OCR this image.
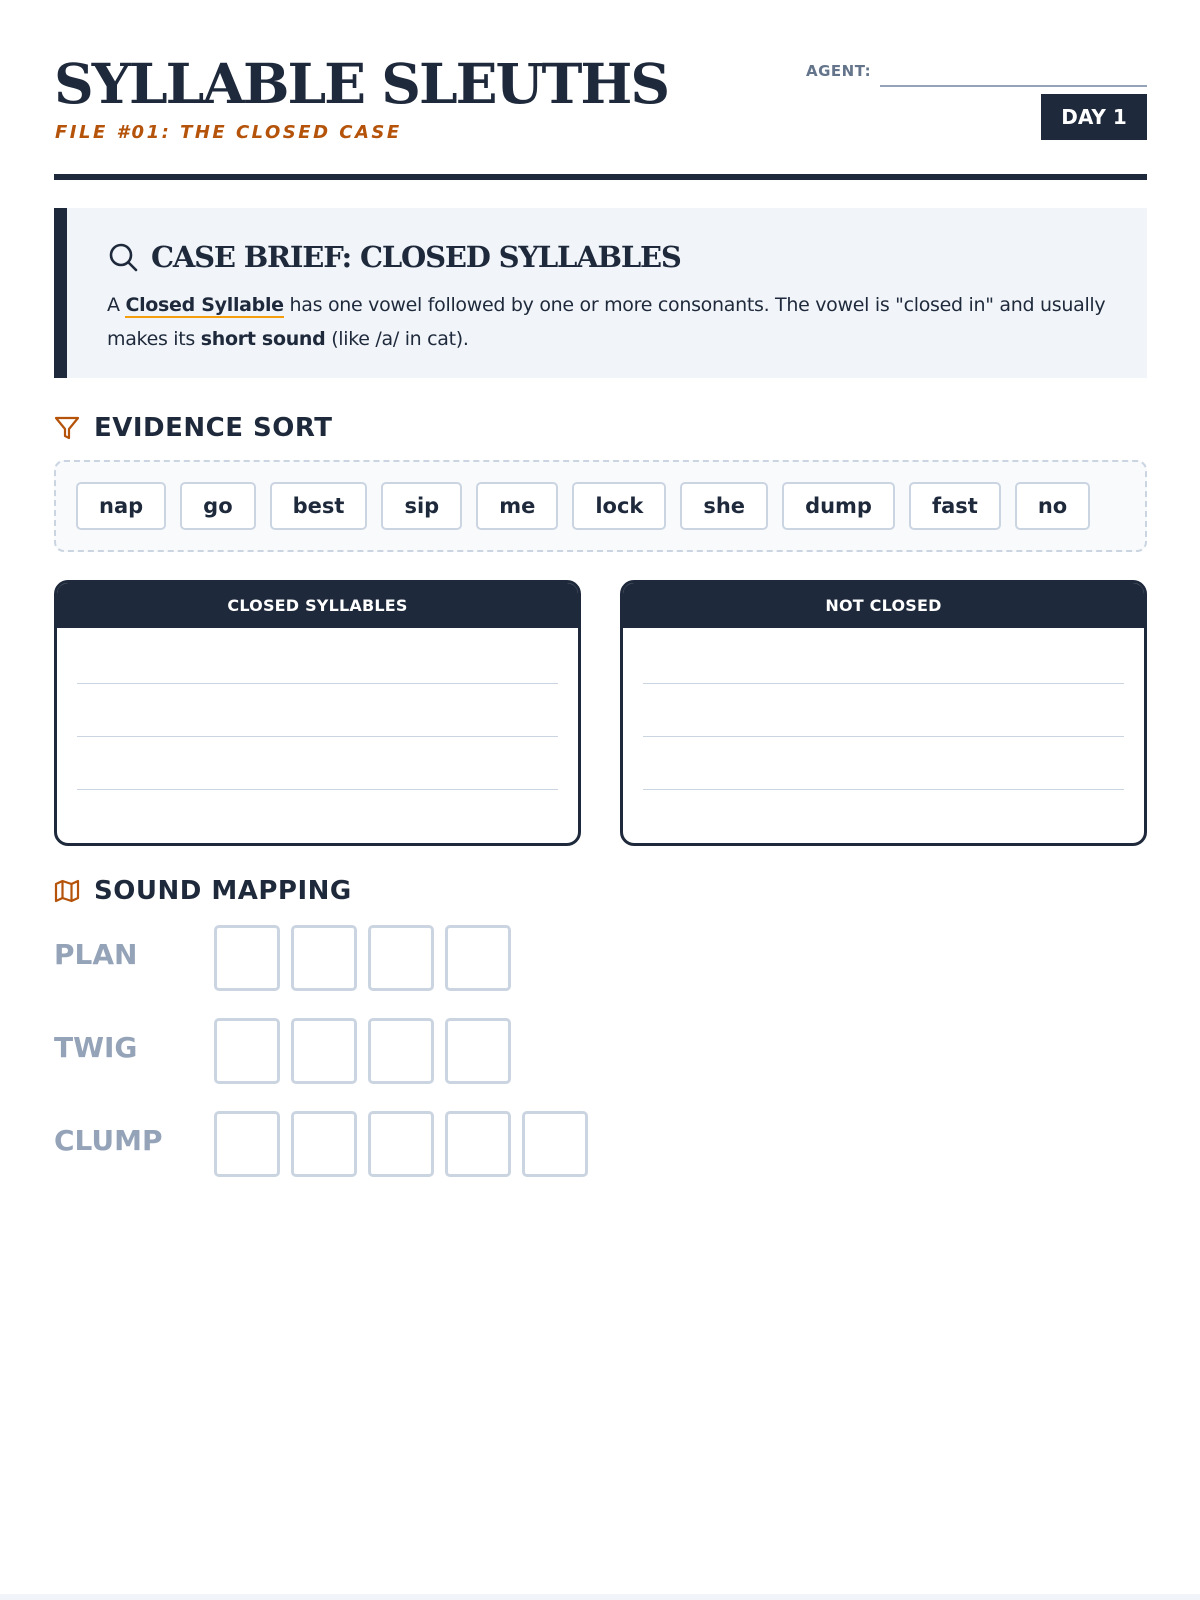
SYLLABLE SLEUTHS
FILE #01: THE CLOSED CASE
AGENT:
DAY 1
CASE BRIEF: CLOSED SYLLABLES
A Closed Syllable has one vowel followed by one or more consonants. The vowel is "closed in" and usually makes its short sound (like /a/ in cat).
EVIDENCE SORT
nap	go	best	sip	me	lock	she	dump	fast	no
CLOSED SYLLABLES	NOT CLOSED
SOUND MAPPING
PLAN
TWIG
CLUMP
